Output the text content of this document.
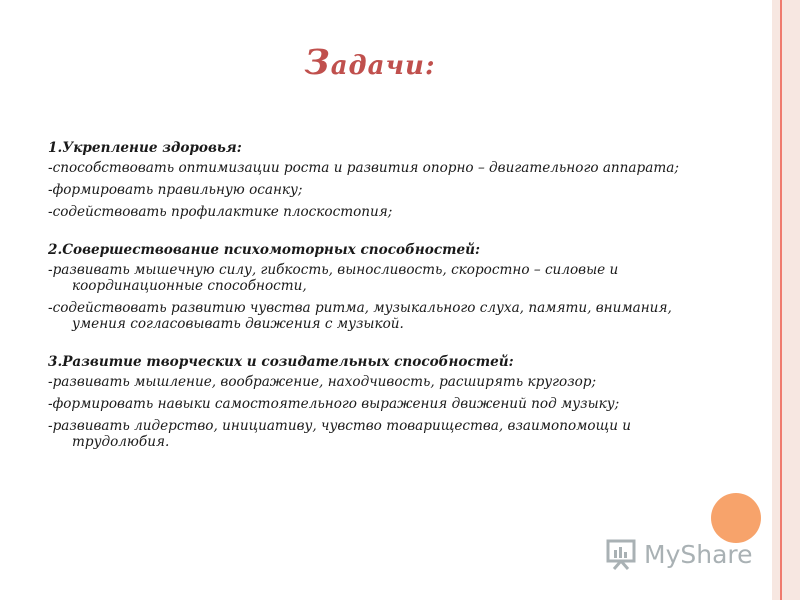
Задачи:
1.Укрепление здоровья:
-способствовать оптимизации роста и развития опорно – двигательного аппарата;
-формировать правильную осанку;
-содействовать профилактике плоскостопия;
2.Совершествование психомоторных способностей:
-развивать мышечную силу, гибкость, выносливость, скоростно – силовые и координационные способности,
-содействовать развитию чувства ритма, музыкального слуха, памяти, внимания, умения согласовывать движения с музыкой.
3.Развитие творческих и созидательных способностей:
-развивать мышление, воображение, находчивость, расширять кругозор;
-формировать навыки самостоятельного выражения движений под музыку;
-развивать лидерство, инициативу, чувство товарищества, взаимопомощи и трудолюбия.
MyShare
